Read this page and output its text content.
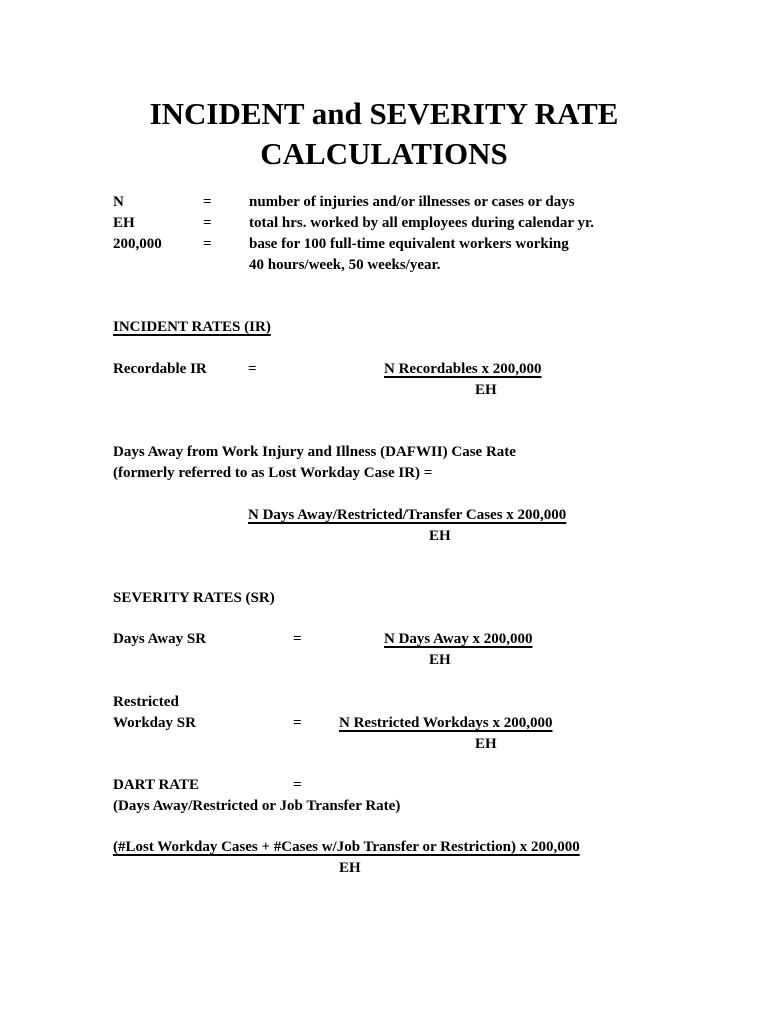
INCIDENT and SEVERITY RATE
CALCULATIONS
N	= number of injuries and/or illnesses or cases or days
EH	= total hrs. worked by all employees during calendar yr.
200,000	= base for 100 full-time equivalent workers working
40 hours/week, 50 weeks/year.
INCIDENT RATES (IR)
Recordable IR	=	N Recordables x 200,000
EH
Days Away from Work Injury and Illness (DAFWII) Case Rate
(formerly referred to as Lost Workday Case IR) =
N Days Away/Restricted/Transfer Cases x 200,000
EH
SEVERITY RATES (SR)
Days Away SR	=	N Days Away x 200,000
EH
Restricted
Workday SR	= N Restricted Workdays x 200,000
EH
DART RATE	=
(Days Away/Restricted or Job Transfer Rate)
(#Lost Workday Cases + #Cases w/Job Transfer or Restriction) x 200,000
EH
